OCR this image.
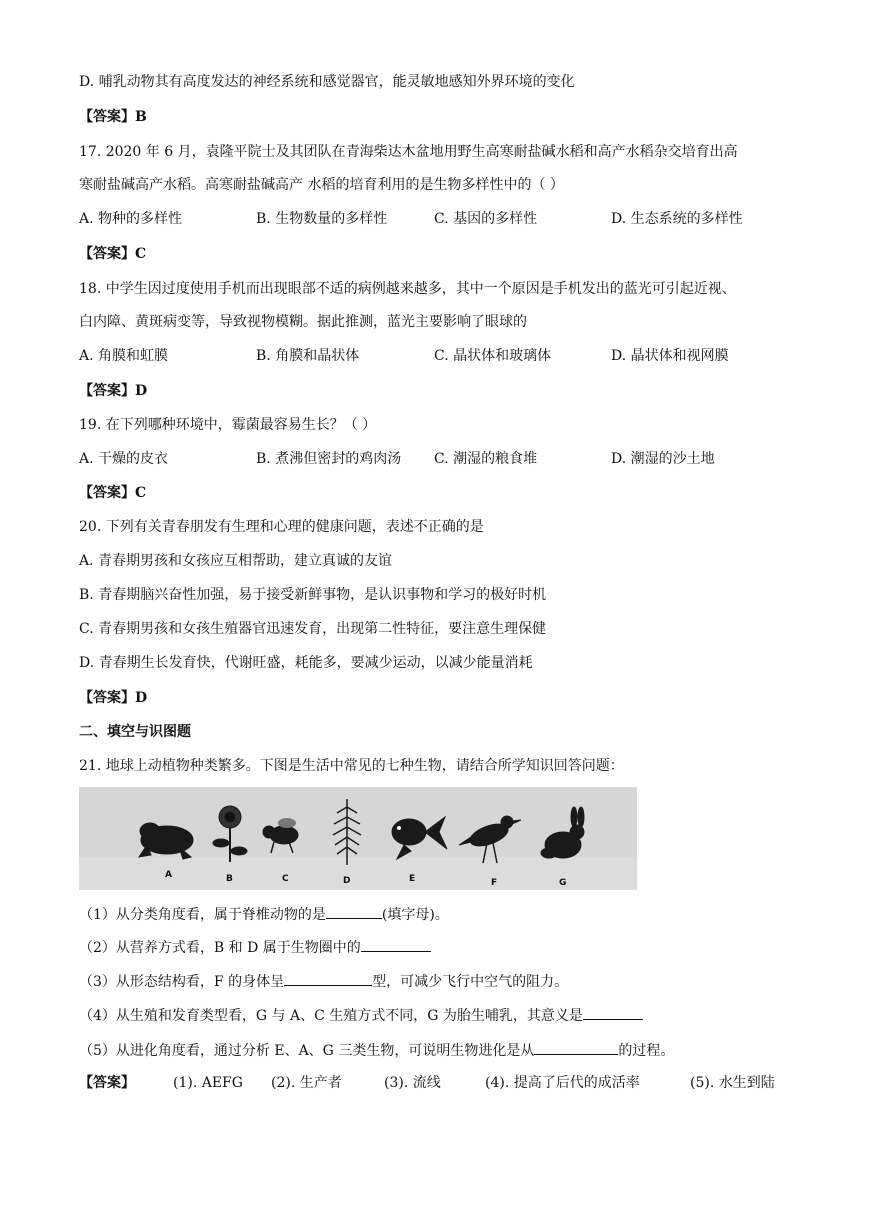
D. 哺乳动物其有高度发达的神经系统和感觉器官，能灵敏地感知外界环境的变化
【答案】B
17. 2020 年 6 月，袁隆平院士及其团队在青海柴达木盆地用野生高寒耐盐碱水稻和高产水稻杂交培育出高
寒耐盐碱高产水稻。高寒耐盐碱高产 水稻的培育利用的是生物多样性中的（ ）
A. 物种的多样性	B. 生物数量的多样性	C. 基因的多样性	D. 生态系统的多样性
【答案】C
18. 中学生因过度使用手机而出现眼部不适的病例越来越多，其中一个原因是手机发出的蓝光可引起近视、
白内障、黄斑病变等，导致视物模糊。据此推测，蓝光主要影响了眼球的
A. 角膜和虹膜	B. 角膜和晶状体	C. 晶状体和玻璃体	D. 晶状体和视网膜
【答案】D
19. 在下列哪种环境中，霉菌最容易生长？（ ）
A. 干燥的皮衣	B. 煮沸但密封的鸡肉汤 C. 潮湿的粮食堆	D. 潮湿的沙土地
【答案】C
20. 下列有关青春朋发有生理和心理的健康问题，表述不正确的是
A. 青春期男孩和女孩应互相帮助，建立真诚的友谊
B. 青春期脑兴奋性加强，易于接受新鲜事物，是认识事物和学习的极好时机
C. 青春期男孩和女孩生殖器官迅速发育，出现第二性特征，要注意生理保健
D. 青春期生长发育快，代谢旺盛，耗能多，要减少运动，以减少能量消耗
【答案】D
二、填空与识图题
21. 地球上动植物种类繁多。下图是生活中常见的七种生物，请结合所学知识回答问题：
A	B	C	D	E	F	G
（1）从分类角度看，属于脊椎动物的是	(填字母)。
（2）从营养方式看，B 和 D 属于生物圈中的
（3）从形态结构看，F 的身体呈	型，可减少飞行中空气的阻力。
（4）从生殖和发育类型看，G 与 A、C 生殖方式不同，G 为胎生哺乳，其意义是
（5）从进化角度看，通过分析 E、A、G 三类生物，可说明生物进化是从	的过程。
【答案】	(1). AEFG (2). 生产者	(3). 流线	(4). 提高了后代的成活率	(5). 水生到陆
